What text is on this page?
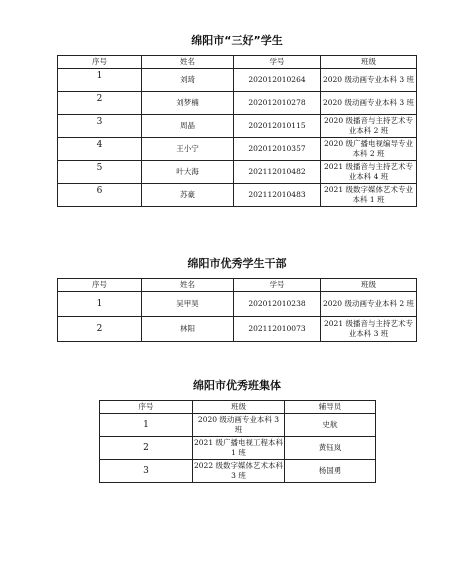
绵阳市“三好”学生
序号	姓名	学号	班级
1	刘琦	202012010264	2020 级动画专业本科 3 班
2	刘梦楠	202012010278	2020 级动画专业本科 3 班
3	周晶	202012010115	2020 级播音与主持艺术专业本科 2 班
4	王小宁	202012010357	2020 级广播电视编导专业本科 2 班
5	叶大海	202112010482	2021 级播音与主持艺术专业本科 4 班
6	苏豪	202112010483	2021 级数字媒体艺术专业本科 1 班
绵阳市优秀学生干部
序号	姓名	学号	班级
1	吴甲昊	202012010238	2020 级动画专业本科 2 班
2	林阳	202112010073	2021 级播音与主持艺术专业本科 3 班
绵阳市优秀班集体
序号	班级	辅导员
1	2020 级动画专业本科 3 班	史航
2	2021 级广播电视工程本科 1 班	黄钰岚
3	2022 级数字媒体艺术本科 3 班	杨国勇
